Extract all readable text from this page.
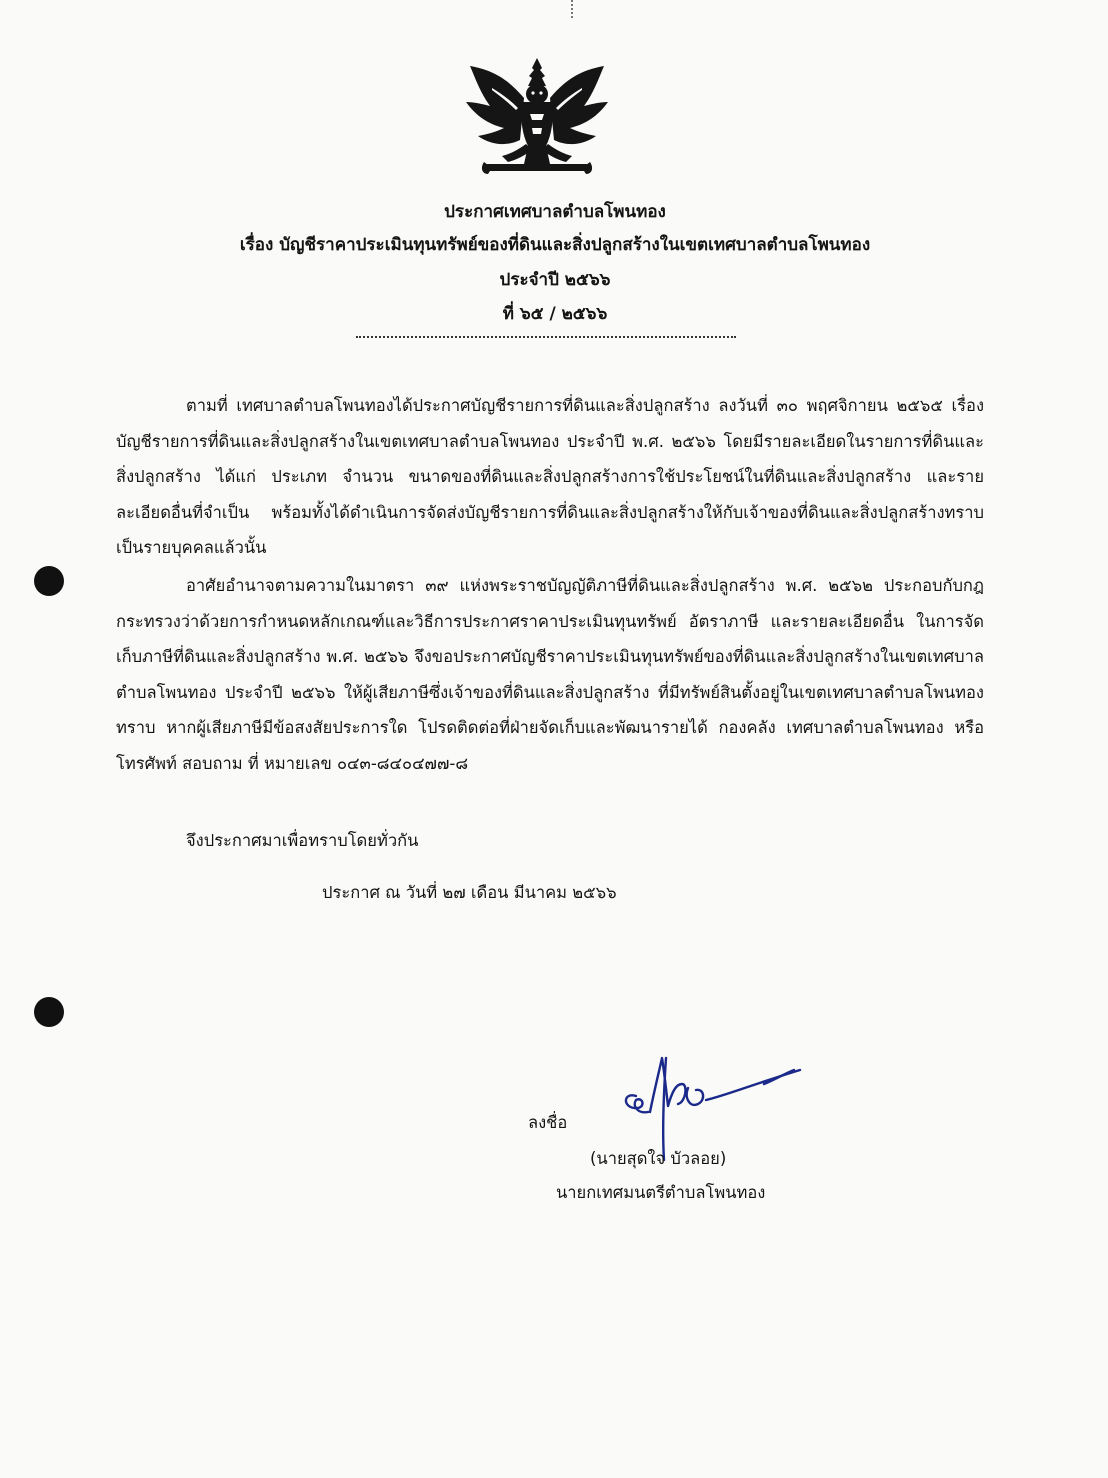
ประกาศเทศบาลตำบลโพนทอง
เรื่อง บัญชีราคาประเมินทุนทรัพย์ของที่ดินและสิ่งปลูกสร้างในเขตเทศบาลตำบลโพนทอง
ประจำปี ๒๕๖๖
ที่ ๖๕ / ๒๕๖๖

ตามที่ เทศบาลตำบลโพนทองได้ประกาศบัญชีรายการที่ดินและสิ่งปลูกสร้าง ลงวันที่ ๓๐ พฤศจิกายน ๒๕๖๕ เรื่อง บัญชีรายการที่ดินและสิ่งปลูกสร้างในเขตเทศบาลตำบลโพนทอง ประจำปี พ.ศ. ๒๕๖๖ โดยมีรายละเอียดในรายการที่ดินและสิ่งปลูกสร้าง ได้แก่ ประเภท จำนวน ขนาดของที่ดินและสิ่งปลูกสร้างการใช้ประโยชน์ในที่ดินและสิ่งปลูกสร้าง และรายละเอียดอื่นที่จำเป็น พร้อมทั้งได้ดำเนินการจัดส่งบัญชีรายการที่ดินและสิ่งปลูกสร้างให้กับเจ้าของที่ดินและสิ่งปลูกสร้างทราบเป็นรายบุคคลแล้วนั้น

อาศัยอำนาจตามความในมาตรา ๓๙ แห่งพระราชบัญญัติภาษีที่ดินและสิ่งปลูกสร้าง พ.ศ. ๒๕๖๒ ประกอบกับกฎกระทรวงว่าด้วยการกำหนดหลักเกณฑ์และวิธีการประกาศราคาประเมินทุนทรัพย์ อัตราภาษี และรายละเอียดอื่น ในการจัดเก็บภาษีที่ดินและสิ่งปลูกสร้าง พ.ศ. ๒๕๖๖ จึงขอประกาศบัญชีราคาประเมินทุนทรัพย์ของที่ดินและสิ่งปลูกสร้างในเขตเทศบาลตำบลโพนทอง ประจำปี ๒๕๖๖ ให้ผู้เสียภาษีซึ่งเจ้าของที่ดินและสิ่งปลูกสร้าง ที่มีทรัพย์สินตั้งอยู่ในเขตเทศบาลตำบลโพนทองทราบ หากผู้เสียภาษีมีข้อสงสัยประการใด โปรดติดต่อที่ฝ่ายจัดเก็บและพัฒนารายได้ กองคลัง เทศบาลตำบลโพนทอง หรือโทรศัพท์ สอบถาม ที่ หมายเลข ๐๔๓-๘๔๐๔๗๗-๘

จึงประกาศมาเพื่อทราบโดยทั่วกัน
ประกาศ ณ วันที่ ๒๗ เดือน มีนาคม ๒๕๖๖
ลงชื่อ
(นายสุดใจ บัวลอย)
นายกเทศมนตรีตำบลโพนทอง
